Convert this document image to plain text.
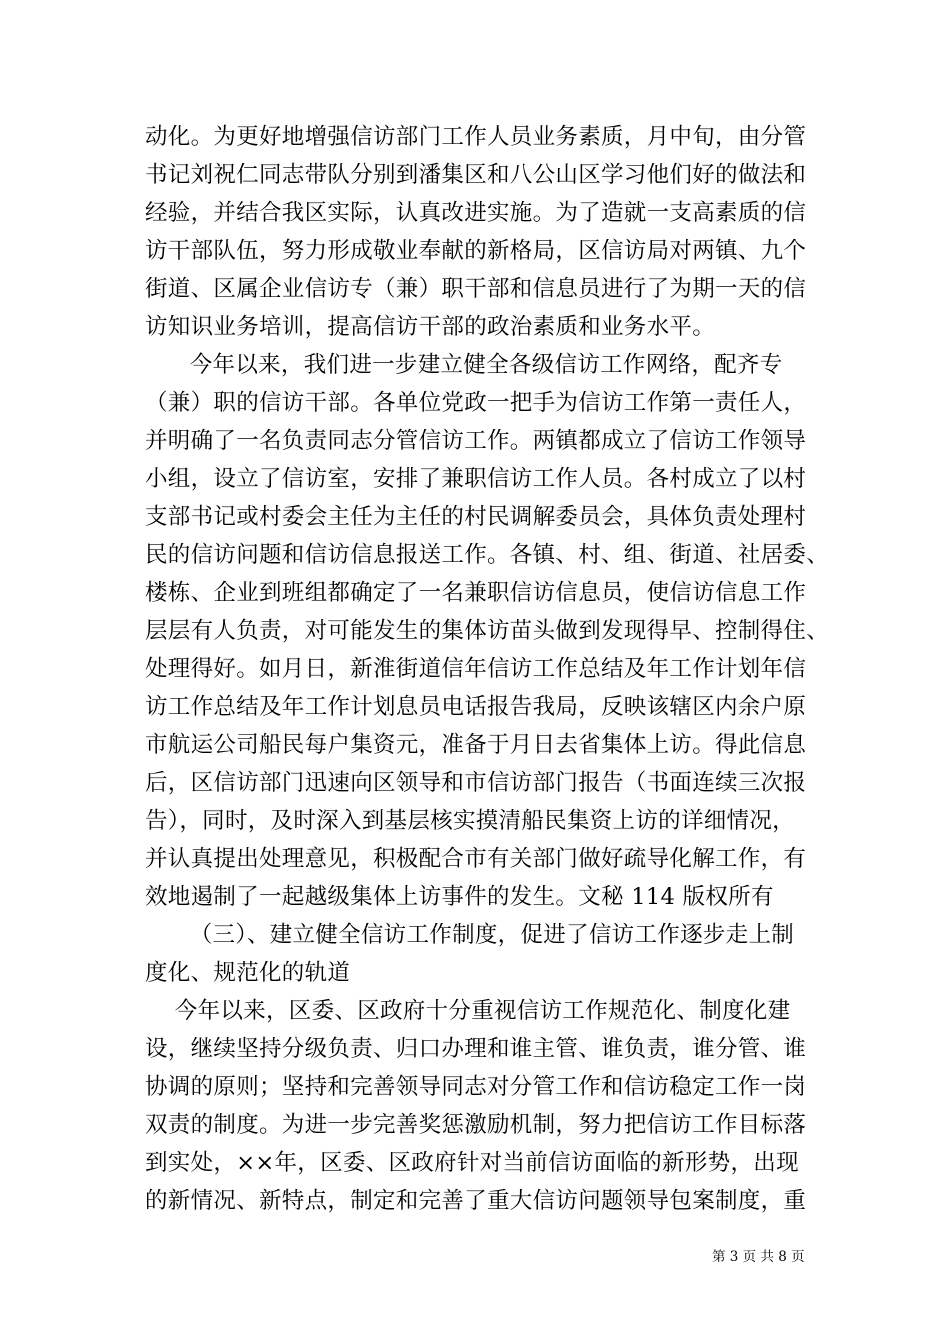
动化。为更好地增强信访部门工作人员业务素质，月中旬，由分管
书记刘祝仁同志带队分别到潘集区和八公山区学习他们好的做法和
经验，并结合我区实际，认真改进实施。为了造就一支高素质的信
访干部队伍，努力形成敬业奉献的新格局，区信访局对两镇、九个
街道、区属企业信访专（兼）职干部和信息员进行了为期一天的信
访知识业务培训，提高信访干部的政治素质和业务水平。
今年以来，我们进一步建立健全各级信访工作网络，配齐专
（兼）职的信访干部。各单位党政一把手为信访工作第一责任人，
并明确了一名负责同志分管信访工作。两镇都成立了信访工作领导
小组，设立了信访室，安排了兼职信访工作人员。各村成立了以村
支部书记或村委会主任为主任的村民调解委员会，具体负责处理村
民的信访问题和信访信息报送工作。各镇、村、组、街道、社居委、
楼栋、企业到班组都确定了一名兼职信访信息员，使信访信息工作
层层有人负责，对可能发生的集体访苗头做到发现得早、控制得住、
处理得好。如月日，新淮街道信年信访工作总结及年工作计划年信
访工作总结及年工作计划息员电话报告我局，反映该辖区内余户原
市航运公司船民每户集资元，准备于月日去省集体上访。得此信息
后，区信访部门迅速向区领导和市信访部门报告（书面连续三次报
告），同时，及时深入到基层核实摸清船民集资上访的详细情况，
并认真提出处理意见，积极配合市有关部门做好疏导化解工作，有
效地遏制了一起越级集体上访事件的发生。文秘 114 版权所有
（三）、建立健全信访工作制度，促进了信访工作逐步走上制
度化、规范化的轨道
今年以来，区委、区政府十分重视信访工作规范化、制度化建
设，继续坚持分级负责、归口办理和谁主管、谁负责，谁分管、谁
协调的原则；坚持和完善领导同志对分管工作和信访稳定工作一岗
双责的制度。为进一步完善奖惩激励机制，努力把信访工作目标落
到实处，××年，区委、区政府针对当前信访面临的新形势，出现
的新情况、新特点，制定和完善了重大信访问题领导包案制度，重
第 3 页 共 8 页
